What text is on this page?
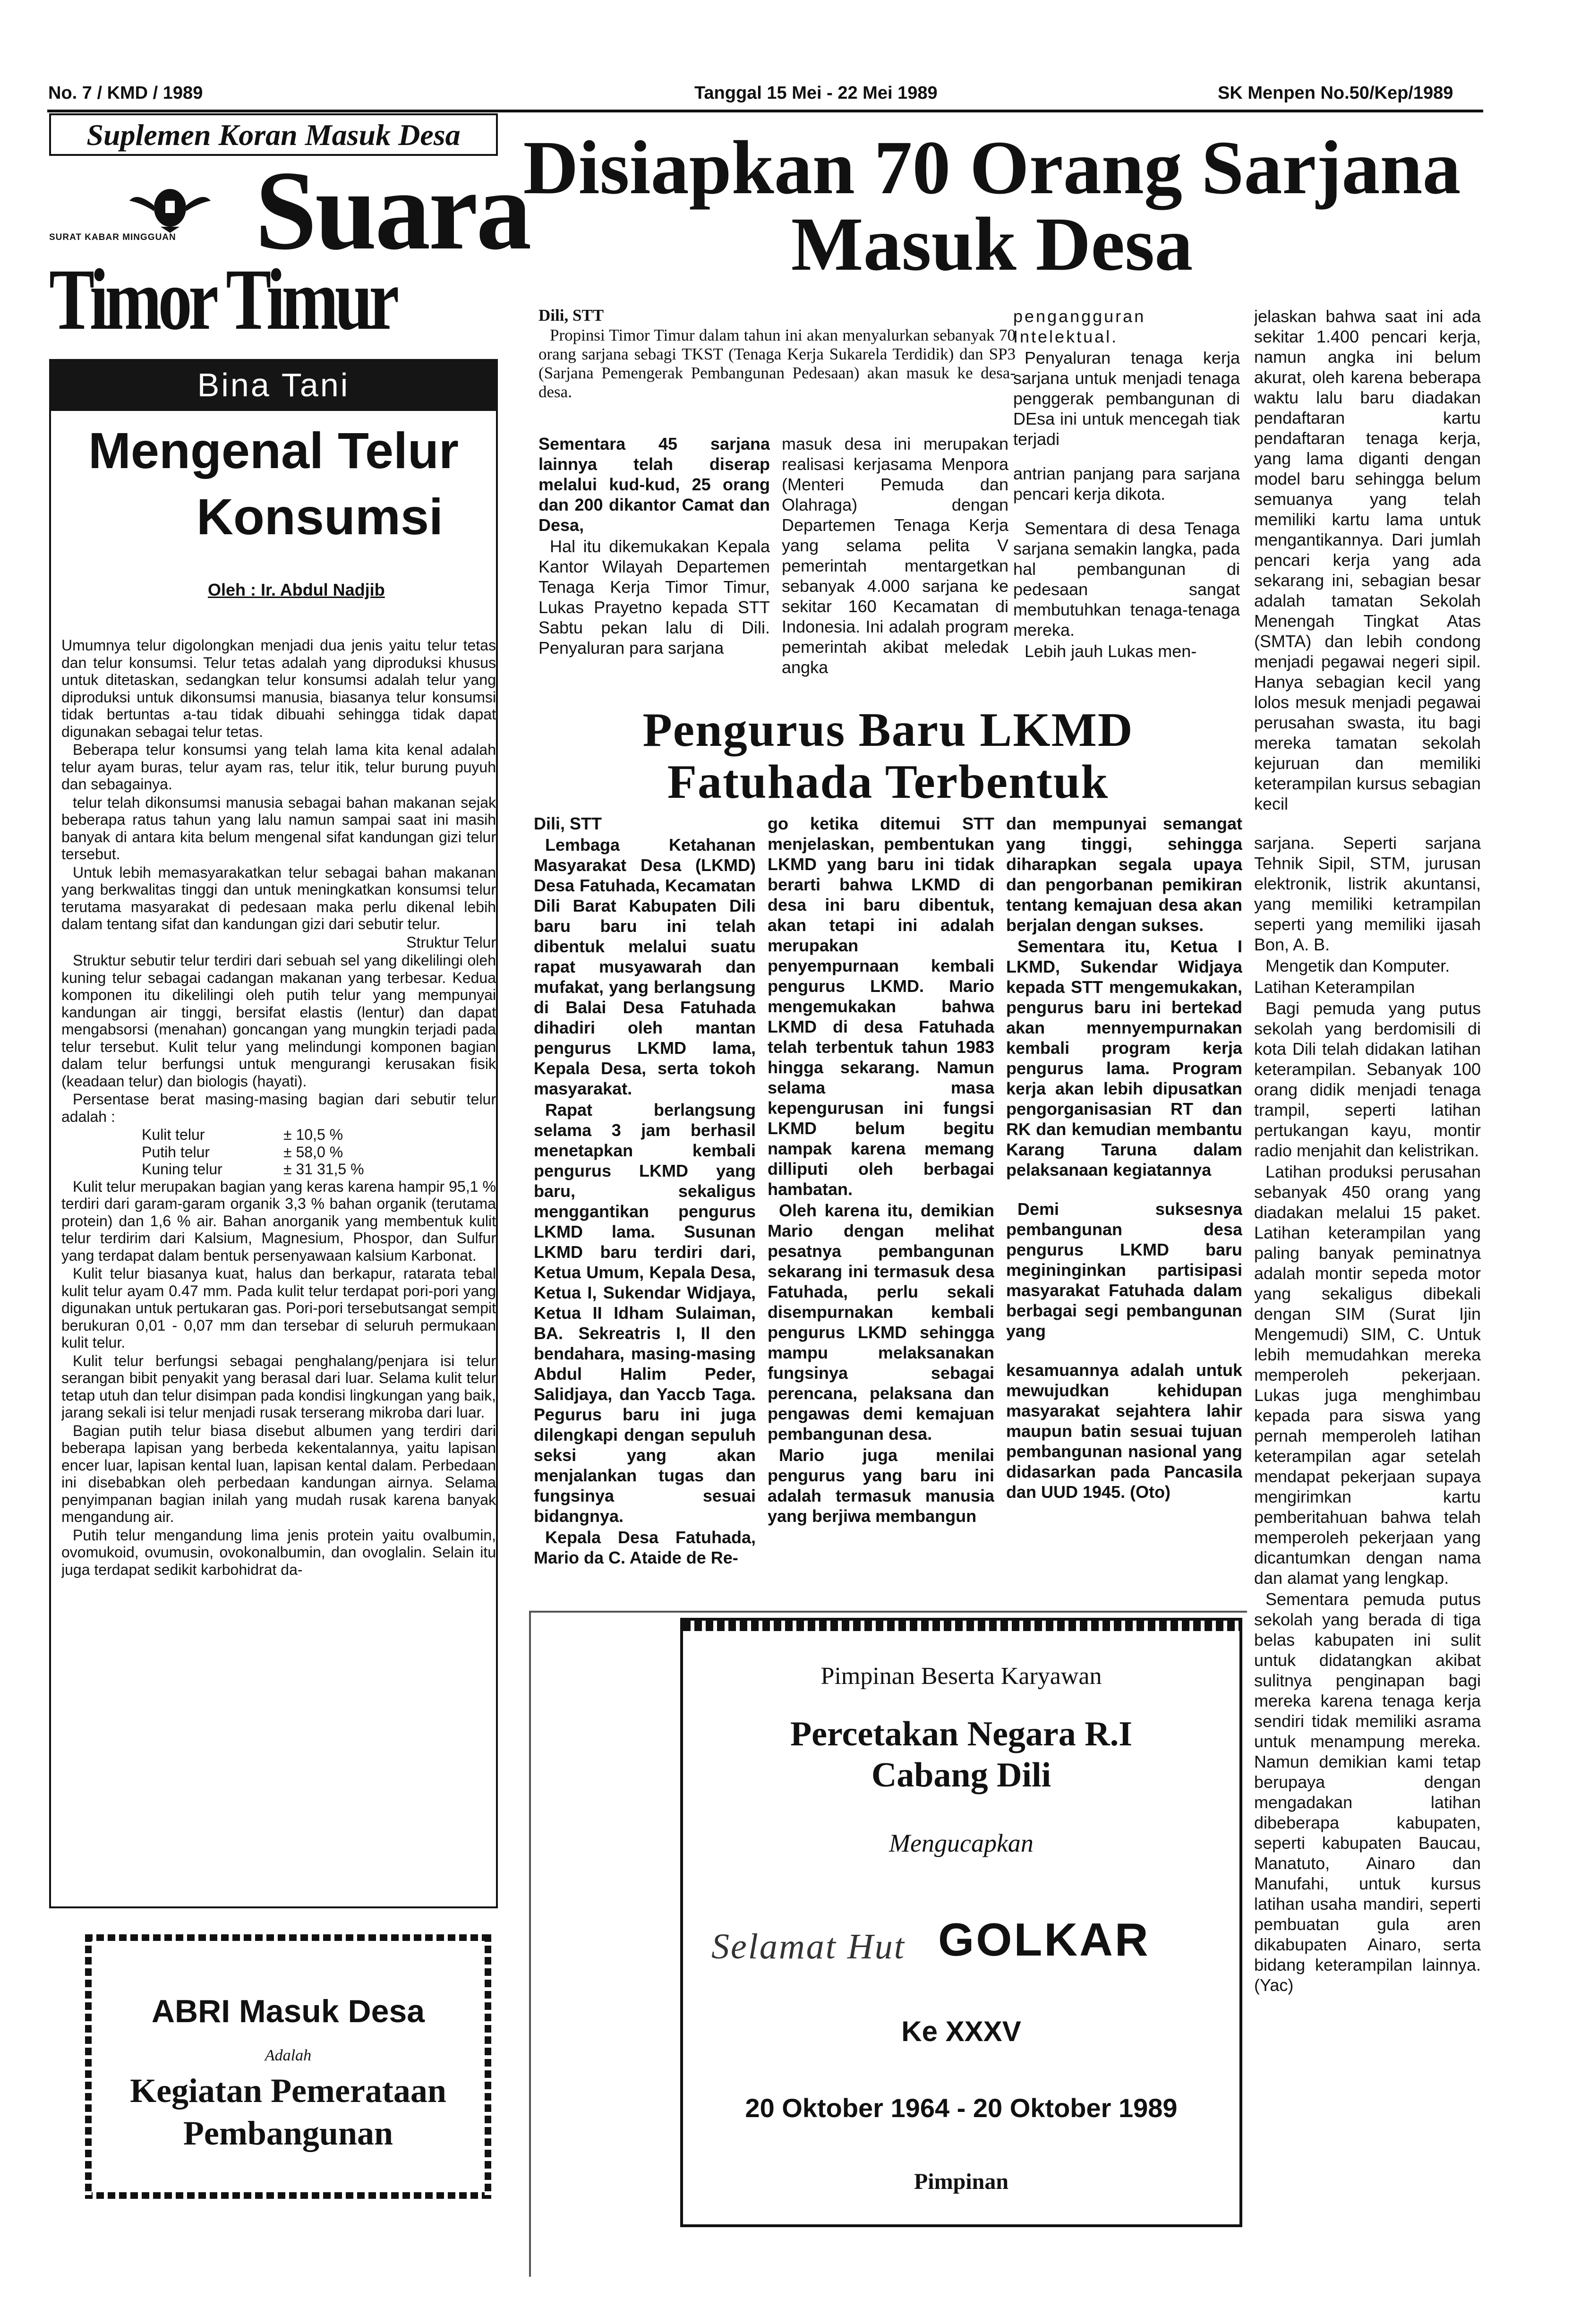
No. 7 / KMD / 1989	Tanggal 15 Mei - 22 Mei 1989	SK Menpen No.50/Kep/1989
Suplemen Koran Masuk Desa
SURAT KABAR MINGGUAN Suara
Timor Timur
Bina Tani
Mengenal Telur
Konsumsi
Oleh : Ir. Abdul Nadjib

Umumnya telur digolongkan menjadi dua jenis yaitu telur tetas dan telur konsumsi. Telur tetas adalah yang diproduksi khusus untuk ditetaskan, sedangkan telur konsumsi adalah telur yang diproduksi untuk dikonsumsi manusia, biasanya telur konsumsi tidak bertuntas a-tau tidak dibuahi sehingga tidak dapat digunakan sebagai telur tetas.

Beberapa telur konsumsi yang telah lama kita kenal adalah telur ayam buras, telur ayam ras, telur itik, telur burung puyuh dan sebagainya.

telur telah dikonsumsi manusia sebagai bahan makanan sejak beberapa ratus tahun yang lalu namun sampai saat ini masih banyak di antara kita belum mengenal sifat kandungan gizi telur tersebut.

Untuk lebih memasyarakatkan telur sebagai bahan makanan yang berkwalitas tinggi dan untuk meningkatkan konsumsi telur terutama masyarakat di pedesaan maka perlu dikenal lebih dalam tentang sifat dan kandungan gizi dari sebutir telur.

Struktur Telur

Struktur sebutir telur terdiri dari sebuah sel yang dikelilingi oleh kuning telur sebagai cadangan makanan yang terbesar. Kedua komponen itu dikelilingi oleh putih telur yang mempunyai kandungan air tinggi, bersifat elastis (lentur) dan dapat mengabsorsi (menahan) goncangan yang mungkin terjadi pada telur tersebut. Kulit telur yang melindungi komponen bagian dalam telur berfungsi untuk mengurangi kerusakan fisik (keadaan telur) dan biologis (hayati).

Persentase berat masing-masing bagian dari sebutir telur adalah :

Kulit telur	± 10,5 %
Putih telur	± 58,0 %
Kuning telur	± 31 31,5 %

Kulit telur merupakan bagian yang keras karena hampir 95,1 % terdiri dari garam-garam organik 3,3 % bahan organik (terutama protein) dan 1,6 % air. Bahan anorganik yang membentuk kulit telur terdirim dari Kalsium, Magnesium, Phospor, dan Sulfur yang terdapat dalam bentuk persenyawaan kalsium Karbonat.

Kulit telur biasanya kuat, halus dan berkapur, ratarata tebal kulit telur ayam 0.47 mm. Pada kulit telur terdapat pori-pori yang digunakan untuk pertukaran gas. Pori-pori tersebutsangat sempit berukuran 0,01 - 0,07 mm dan tersebar di seluruh permukaan kulit telur.

Kulit telur berfungsi sebagai penghalang/penjara isi telur serangan bibit penyakit yang berasal dari luar. Selama kulit telur tetap utuh dan telur disimpan pada kondisi lingkungan yang baik, jarang sekali isi telur menjadi rusak terserang mikroba dari luar.

Bagian putih telur biasa disebut albumen yang terdiri dari beberapa lapisan yang berbeda kekentalannya, yaitu lapisan encer luar, lapisan kental luan, lapisan kental dalam. Perbedaan ini disebabkan oleh perbedaan kandungan airnya. Selama penyimpanan bagian inilah yang mudah rusak karena banyak mengandung air.

Putih telur mengandung lima jenis protein yaitu ovalbumin, ovomukoid, ovumusin, ovokonalbumin, dan ovoglalin. Selain itu juga terdapat sedikit karbohidrat da-

ABRI Masuk Desa
Adalah
Kegiatan Pemerataan
Pembangunan
Disiapkan 70 Orang Sarjana
Masuk Desa

Dili, STT

Propinsi Timor Timur dalam tahun ini akan menyalurkan sebanyak 70 orang sarjana sebagi TKST (Tenaga Kerja Sukarela Terdidik) dan SP3 (Sarjana Pemengerak Pembangunan Pedesaan) akan masuk ke desa-desa.

Sementara 45 sarjana lainnya telah diserap melalui kud-kud, 25 orang dan 200 dikantor Camat dan Desa,

Hal itu dikemukakan Kepala Kantor Wilayah Departemen Tenaga Kerja Timor Timur, Lukas Prayetno kepada STT Sabtu pekan lalu di Dili. Penyaluran para sarjana

masuk desa ini merupakan realisasi kerjasama Menpora (Menteri Pemuda dan Olahraga) dengan Departemen Tenaga Kerja yang selama pelita V pemerintah mentargetkan sebanyak 4.000 sarjana ke sekitar 160 Kecamatan di Indonesia. Ini adalah program pemerintah akibat meledak angka

pengangguran Intelektual.

Penyaluran tenaga kerja sarjana untuk menjadi tenaga penggerak pembangunan di DEsa ini untuk mencegah tiak terjadi

antrian panjang para sarjana pencari kerja dikota.

Sementara di desa Tenaga sarjana semakin langka, pada hal pembangunan di pedesaan sangat membutuhkan tenaga-tenaga mereka.

Lebih jauh Lukas men-

Pengurus Baru LKMD
Fatuhada Terbentuk

Dili, STT

Lembaga Ketahanan Masyarakat Desa (LKMD) Desa Fatuhada, Kecamatan Dili Barat Kabupaten Dili baru baru ini telah dibentuk melalui suatu rapat musyawarah dan mufakat, yang berlangsung di Balai Desa Fatuhada dihadiri oleh mantan pengurus LKMD lama, Kepala Desa, serta tokoh masyarakat.

Rapat berlangsung selama 3 jam berhasil menetapkan kembali pengurus LKMD yang baru, sekaligus menggantikan pengurus LKMD lama. Susunan LKMD baru terdiri dari, Ketua Umum, Kepala Desa, Ketua I, Sukendar Widjaya, Ketua II Idham Sulaiman, BA. Sekreatris I, Il den bendahara, masing-masing Abdul Halim Peder, Salidjaya, dan Yaccb Taga. Pegurus baru ini juga dilengkapi dengan sepuluh seksi yang akan menjalankan tugas dan fungsinya sesuai bidangnya.

Kepala Desa Fatuhada, Mario da C. Ataide de Re-

go ketika ditemui STT menjelaskan, pembentukan LKMD yang baru ini tidak berarti bahwa LKMD di desa ini baru dibentuk, akan tetapi ini adalah merupakan penyempurnaan kembali pengurus LKMD. Mario mengemukakan bahwa LKMD di desa Fatuhada telah terbentuk tahun 1983 hingga sekarang. Namun selama masa kepengurusan ini fungsi LKMD belum begitu nampak karena memang dilliputi oleh berbagai hambatan.

Oleh karena itu, demikian Mario dengan melihat pesatnya pembangunan sekarang ini termasuk desa Fatuhada, perlu sekali disempurnakan kembali pengurus LKMD sehingga mampu melaksanakan fungsinya sebagai perencana, pelaksana dan pengawas demi kemajuan pembangunan desa.

Mario juga menilai pengurus yang baru ini adalah termasuk manusia yang berjiwa membangun

dan mempunyai semangat yang tinggi, sehingga diharapkan segala upaya dan pengorbanan pemikiran tentang kemajuan desa akan berjalan dengan sukses.

Sementara itu, Ketua I LKMD, Sukendar Widjaya kepada STT mengemukakan, pengurus baru ini bertekad akan mennyempurnakan kembali program kerja pengurus lama. Program kerja akan lebih dipusatkan pengorganisasian RT dan RK dan kemudian membantu Karang Taruna dalam pelaksanaan kegiatannya

Demi suksesnya pembangunan desa pengurus LKMD baru megininginkan partisipasi masyarakat Fatuhada dalam berbagai segi pembangunan yang

kesamuannya adalah untuk mewujudkan kehidupan masyarakat sejahtera lahir maupun batin sesuai tujuan pembangunan nasional yang didasarkan pada Pancasila dan UUD 1945. (Oto)

Pimpinan Beserta Karyawan
Percetakan Negara R.I
Cabang Dili
Mengucapkan
Selamat Hut GOLKAR
Ke XXXV
20 Oktober 1964 - 20 Oktober 1989
Pimpinan

jelaskan bahwa saat ini ada sekitar 1.400 pencari kerja, namun angka ini belum akurat, oleh karena beberapa waktu lalu baru diadakan pendaftaran kartu pendaftaran tenaga kerja, yang lama diganti dengan model baru sehingga belum semuanya yang telah memiliki kartu lama untuk mengantikannya. Dari jumlah pencari kerja yang ada sekarang ini, sebagian besar adalah tamatan Sekolah Menengah Tingkat Atas (SMTA) dan lebih condong menjadi pegawai negeri sipil. Hanya sebagian kecil yang lolos mesuk menjadi pegawai perusahan swasta, itu bagi mereka tamatan sekolah kejuruan dan memiliki keterampilan kursus sebagian kecil

sarjana. Seperti sarjana Tehnik Sipil, STM, jurusan elektronik, listrik akuntansi, yang memiliki ketrampilan seperti yang memiliki ijasah Bon, A. B.

Mengetik dan Komputer.

Latihan Keterampilan

Bagi pemuda yang putus sekolah yang berdomisili di kota Dili telah didakan latihan keterampilan. Sebanyak 100 orang didik menjadi tenaga trampil, seperti latihan pertukangan kayu, montir radio menjahit dan kelistrikan.

Latihan produksi perusahan sebanyak 450 orang yang diadakan melalui 15 paket. Latihan keterampilan yang paling banyak peminatnya adalah montir sepeda motor yang sekaligus dibekali dengan SIM (Surat Ijin Mengemudi) SIM, C. Untuk lebih memudahkan mereka memperoleh pekerjaan. Lukas juga menghimbau kepada para siswa yang pernah memperoleh latihan keterampilan agar setelah mendapat pekerjaan supaya mengirimkan kartu pemberitahuan bahwa telah memperoleh pekerjaan yang dicantumkan dengan nama dan alamat yang lengkap.

Sementara pemuda putus sekolah yang berada di tiga belas kabupaten ini sulit untuk didatangkan akibat sulitnya penginapan bagi mereka karena tenaga kerja sendiri tidak memiliki asrama untuk menampung mereka. Namun demikian kami tetap berupaya dengan mengadakan latihan dibeberapa kabupaten, seperti kabupaten Baucau, Manatuto, Ainaro dan Manufahi, untuk kursus latihan usaha mandiri, seperti pembuatan gula aren dikabupaten Ainaro, serta bidang keterampilan lainnya. (Yac)
